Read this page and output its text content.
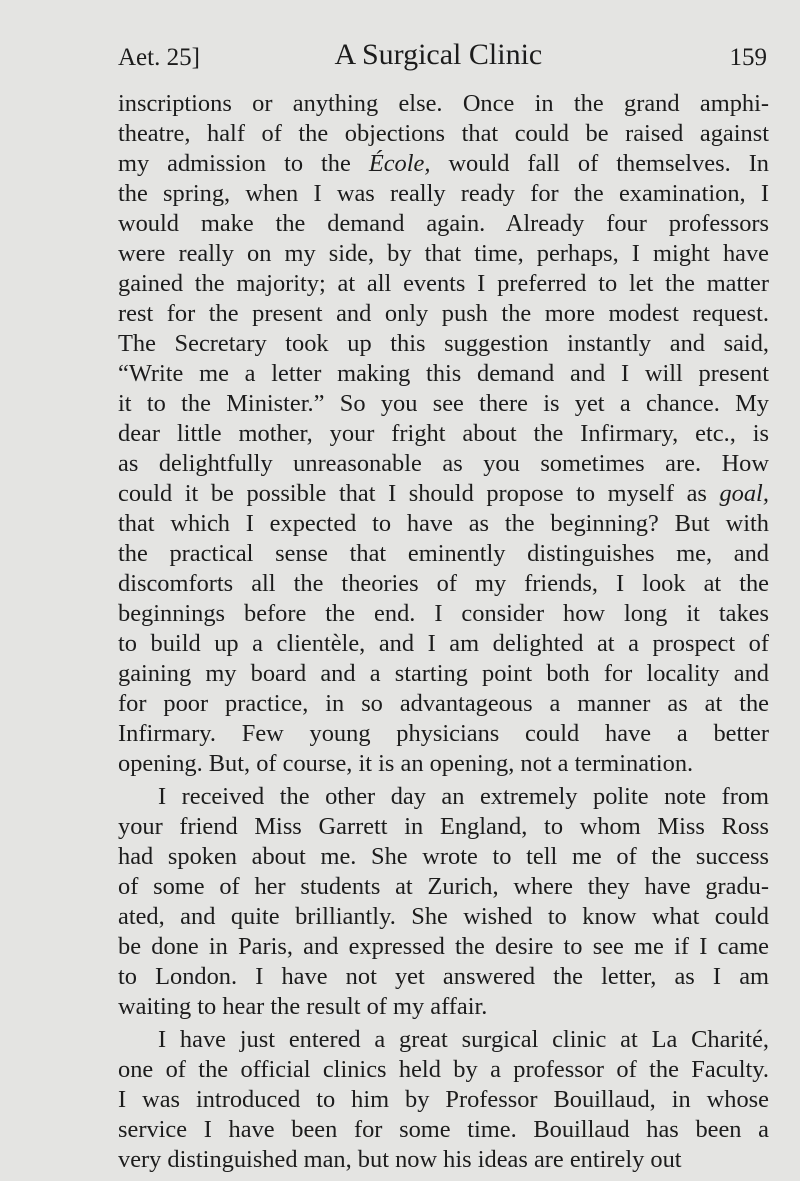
Aet. 25]	A Surgical Clinic	159
inscriptions or anything else. Once in the grand amphi-
theatre, half of the objections that could be raised against
my admission to the École, would fall of themselves. In
the spring, when I was really ready for the examination, I
would make the demand again. Already four professors
were really on my side, by that time, perhaps, I might have
gained the majority; at all events I preferred to let the matter
rest for the present and only push the more modest request.
The Secretary took up this suggestion instantly and said,
“Write me a letter making this demand and I will present
it to the Minister.” So you see there is yet a chance. My
dear little mother, your fright about the Infirmary, etc., is
as delightfully unreasonable as you sometimes are. How
could it be possible that I should propose to myself as goal,
that which I expected to have as the beginning? But with
the practical sense that eminently distinguishes me, and
discomforts all the theories of my friends, I look at the
beginnings before the end. I consider how long it takes
to build up a clientèle, and I am delighted at a prospect of
gaining my board and a starting point both for locality and
for poor practice, in so advantageous a manner as at the
Infirmary. Few young physicians could have a better
opening. But, of course, it is an opening, not a termination.
I received the other day an extremely polite note from
your friend Miss Garrett in England, to whom Miss Ross
had spoken about me. She wrote to tell me of the success
of some of her students at Zurich, where they have gradu-
ated, and quite brilliantly. She wished to know what could
be done in Paris, and expressed the desire to see me if I came
to London. I have not yet answered the letter, as I am
waiting to hear the result of my affair.
I have just entered a great surgical clinic at La Charité,
one of the official clinics held by a professor of the Faculty.
I was introduced to him by Professor Bouillaud, in whose
service I have been for some time. Bouillaud has been a
very distinguished man, but now his ideas are entirely out
